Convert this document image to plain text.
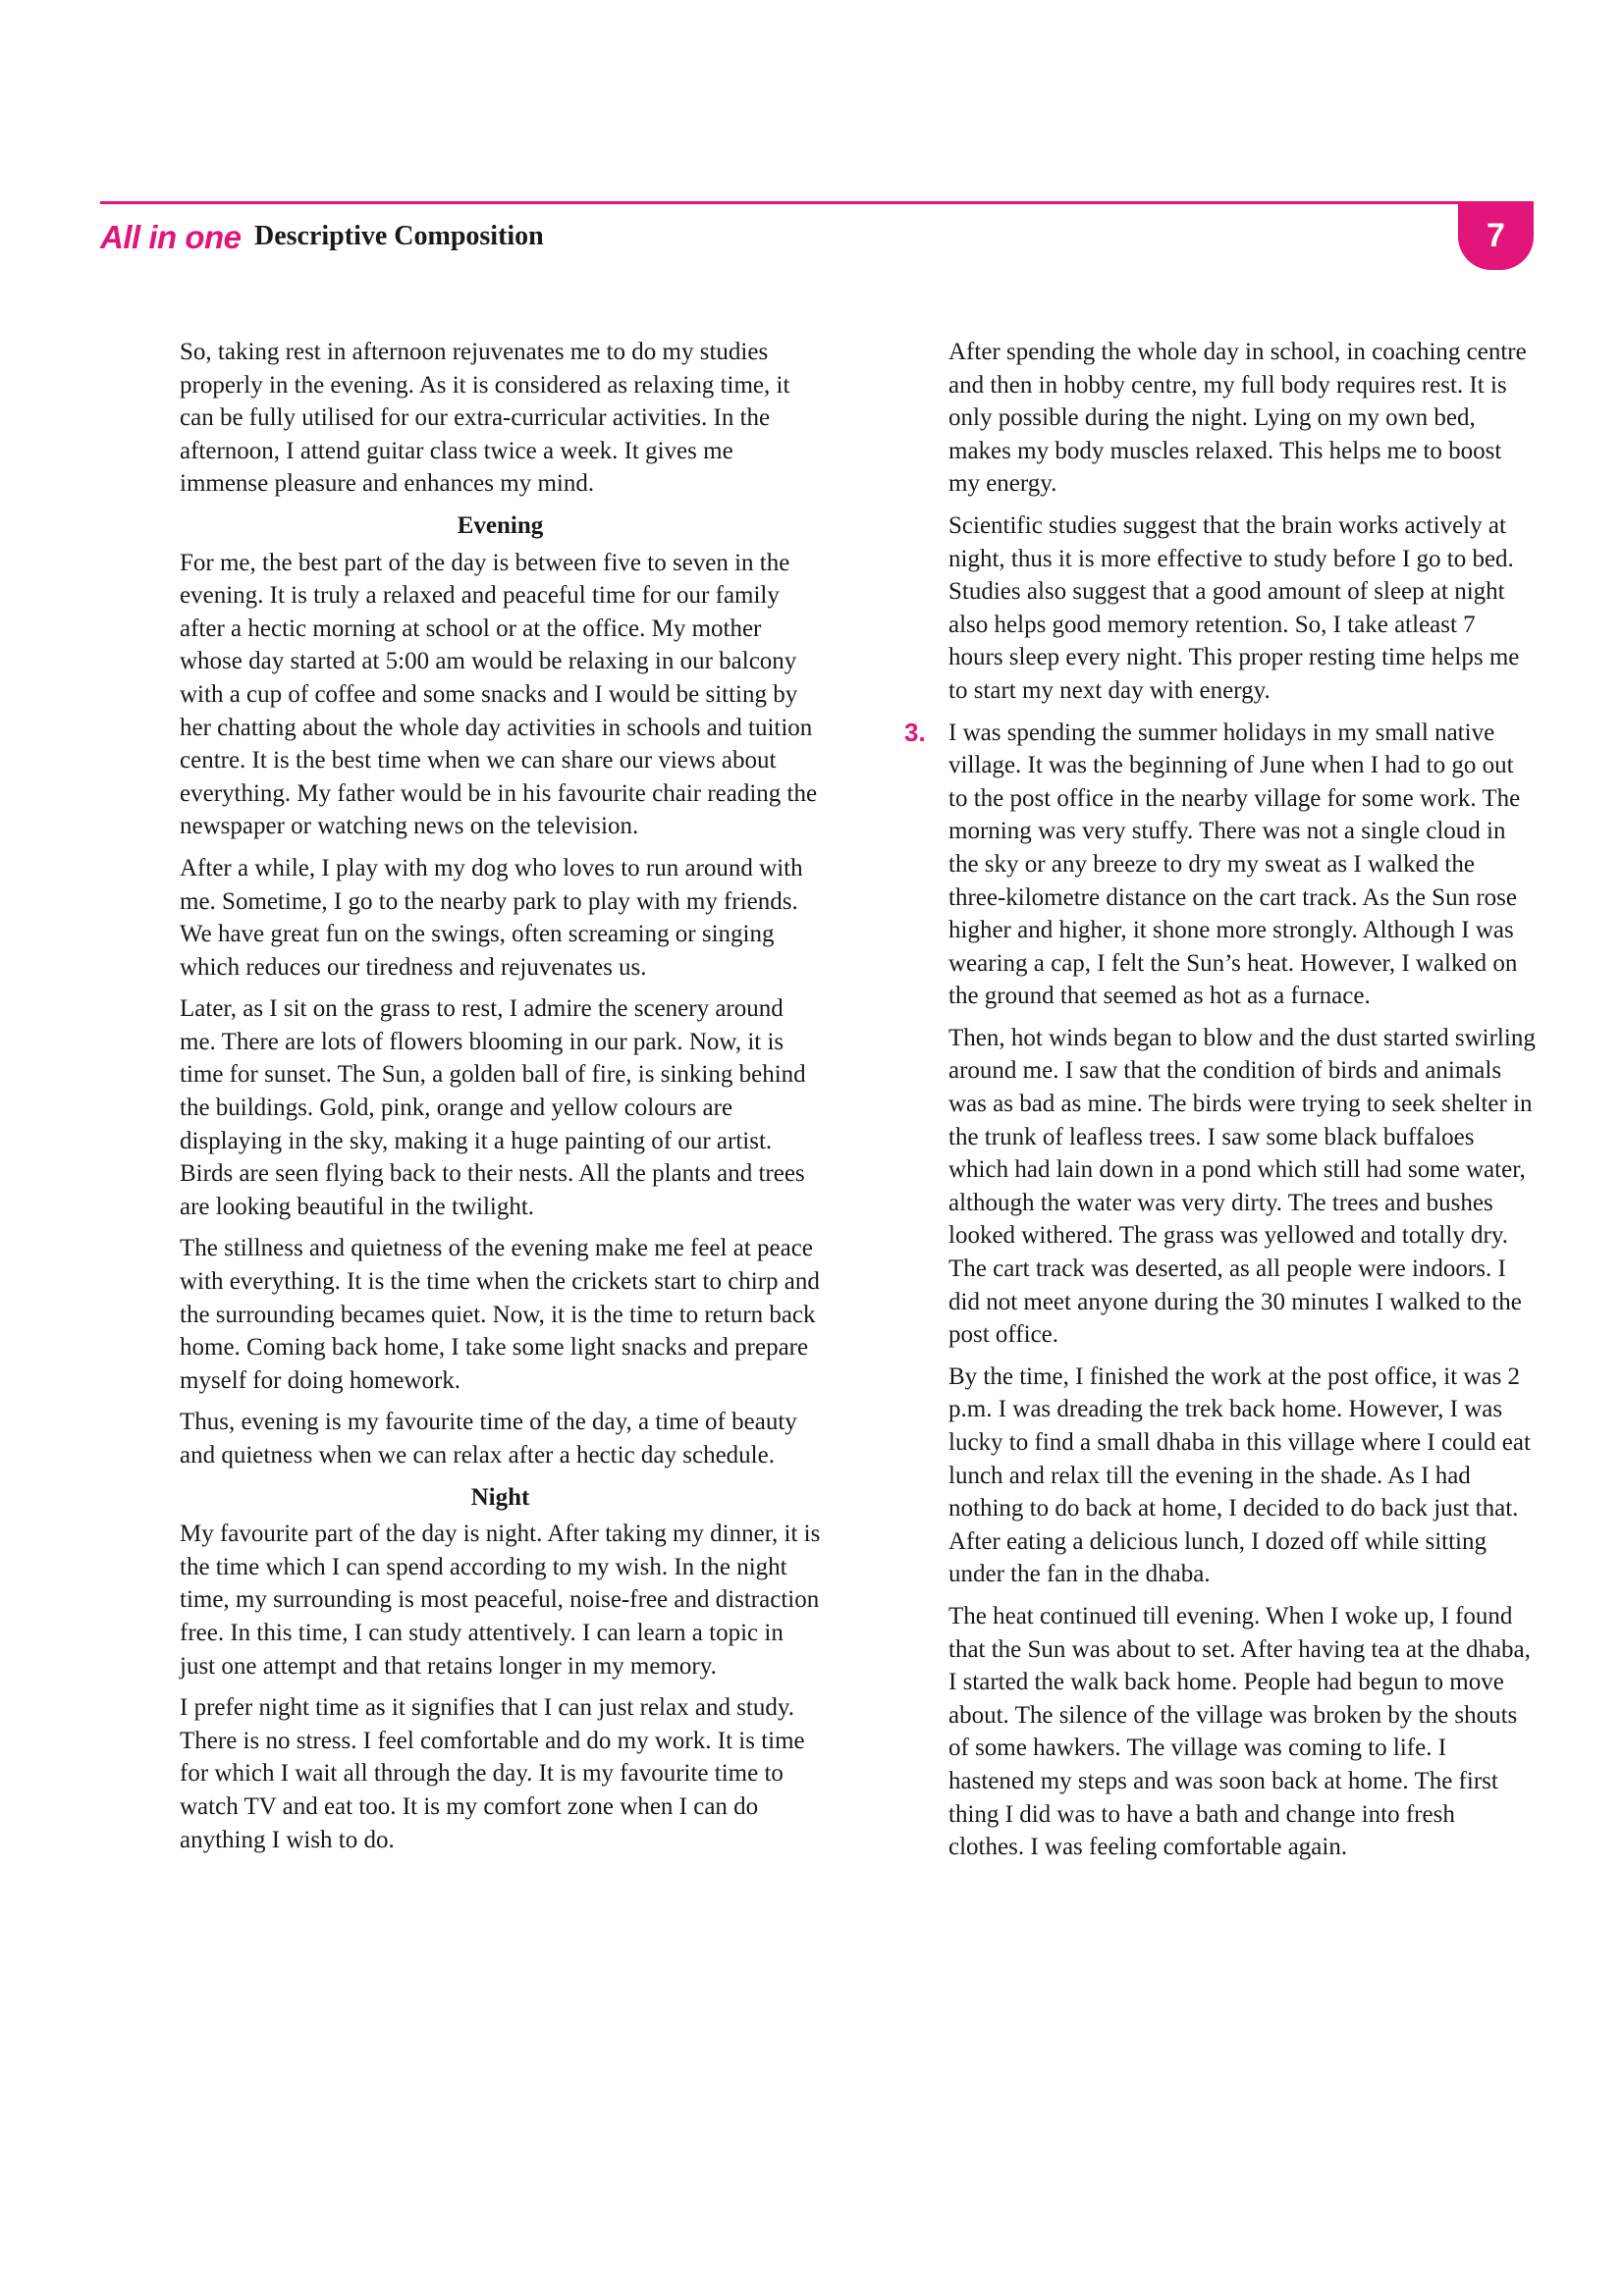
All in one Descriptive Composition	7

So, taking rest in afternoon rejuvenates me to do my studies properly in the evening. As it is considered as relaxing time, it can be fully utilised for our extra-curricular activities. In the afternoon, I attend guitar class twice a week. It gives me immense pleasure and enhances my mind.

Evening

For me, the best part of the day is between five to seven in the evening. It is truly a relaxed and peaceful time for our family after a hectic morning at school or at the office. My mother whose day started at 5:00 am would be relaxing in our balcony with a cup of coffee and some snacks and I would be sitting by her chatting about the whole day activities in schools and tuition centre. It is the best time when we can share our views about everything. My father would be in his favourite chair reading the newspaper or watching news on the television.

After a while, I play with my dog who loves to run around with me. Sometime, I go to the nearby park to play with my friends. We have great fun on the swings, often screaming or singing which reduces our tiredness and rejuvenates us.

Later, as I sit on the grass to rest, I admire the scenery around me. There are lots of flowers blooming in our park. Now, it is time for sunset. The Sun, a golden ball of fire, is sinking behind the buildings. Gold, pink, orange and yellow colours are displaying in the sky, making it a huge painting of our artist. Birds are seen flying back to their nests. All the plants and trees are looking beautiful in the twilight.

The stillness and quietness of the evening make me feel at peace with everything. It is the time when the crickets start to chirp and the surrounding becames quiet. Now, it is the time to return back home. Coming back home, I take some light snacks and prepare myself for doing homework.

Thus, evening is my favourite time of the day, a time of beauty and quietness when we can relax after a hectic day schedule.

Night

My favourite part of the day is night. After taking my dinner, it is the time which I can spend according to my wish. In the night time, my surrounding is most peaceful, noise-free and distraction free. In this time, I can study attentively. I can learn a topic in just one attempt and that retains longer in my memory.

I prefer night time as it signifies that I can just relax and study. There is no stress. I feel comfortable and do my work. It is time for which I wait all through the day. It is my favourite time to watch TV and eat too. It is my comfort zone when I can do anything I wish to do.

After spending the whole day in school, in coaching centre and then in hobby centre, my full body requires rest. It is only possible during the night. Lying on my own bed, makes my body muscles relaxed. This helps me to boost my energy.

Scientific studies suggest that the brain works actively at night, thus it is more effective to study before I go to bed. Studies also suggest that a good amount of sleep at night also helps good memory retention. So, I take atleast 7 hours sleep every night. This proper resting time helps me to start my next day with energy.

3. I was spending the summer holidays in my small native village. It was the beginning of June when I had to go out to the post office in the nearby village for some work. The morning was very stuffy. There was not a single cloud in the sky or any breeze to dry my sweat as I walked the three-kilometre distance on the cart track. As the Sun rose higher and higher, it shone more strongly. Although I was wearing a cap, I felt the Sun’s heat. However, I walked on the ground that seemed as hot as a furnace.

Then, hot winds began to blow and the dust started swirling around me. I saw that the condition of birds and animals was as bad as mine. The birds were trying to seek shelter in the trunk of leafless trees. I saw some black buffaloes which had lain down in a pond which still had some water, although the water was very dirty. The trees and bushes looked withered. The grass was yellowed and totally dry. The cart track was deserted, as all people were indoors. I did not meet anyone during the 30 minutes I walked to the post office.

By the time, I finished the work at the post office, it was 2 p.m. I was dreading the trek back home. However, I was lucky to find a small dhaba in this village where I could eat lunch and relax till the evening in the shade. As I had nothing to do back at home, I decided to do back just that. After eating a delicious lunch, I dozed off while sitting under the fan in the dhaba.

The heat continued till evening. When I woke up, I found that the Sun was about to set. After having tea at the dhaba, I started the walk back home. People had begun to move about. The silence of the village was broken by the shouts of some hawkers. The village was coming to life. I hastened my steps and was soon back at home. The first thing I did was to have a bath and change into fresh clothes. I was feeling comfortable again.
